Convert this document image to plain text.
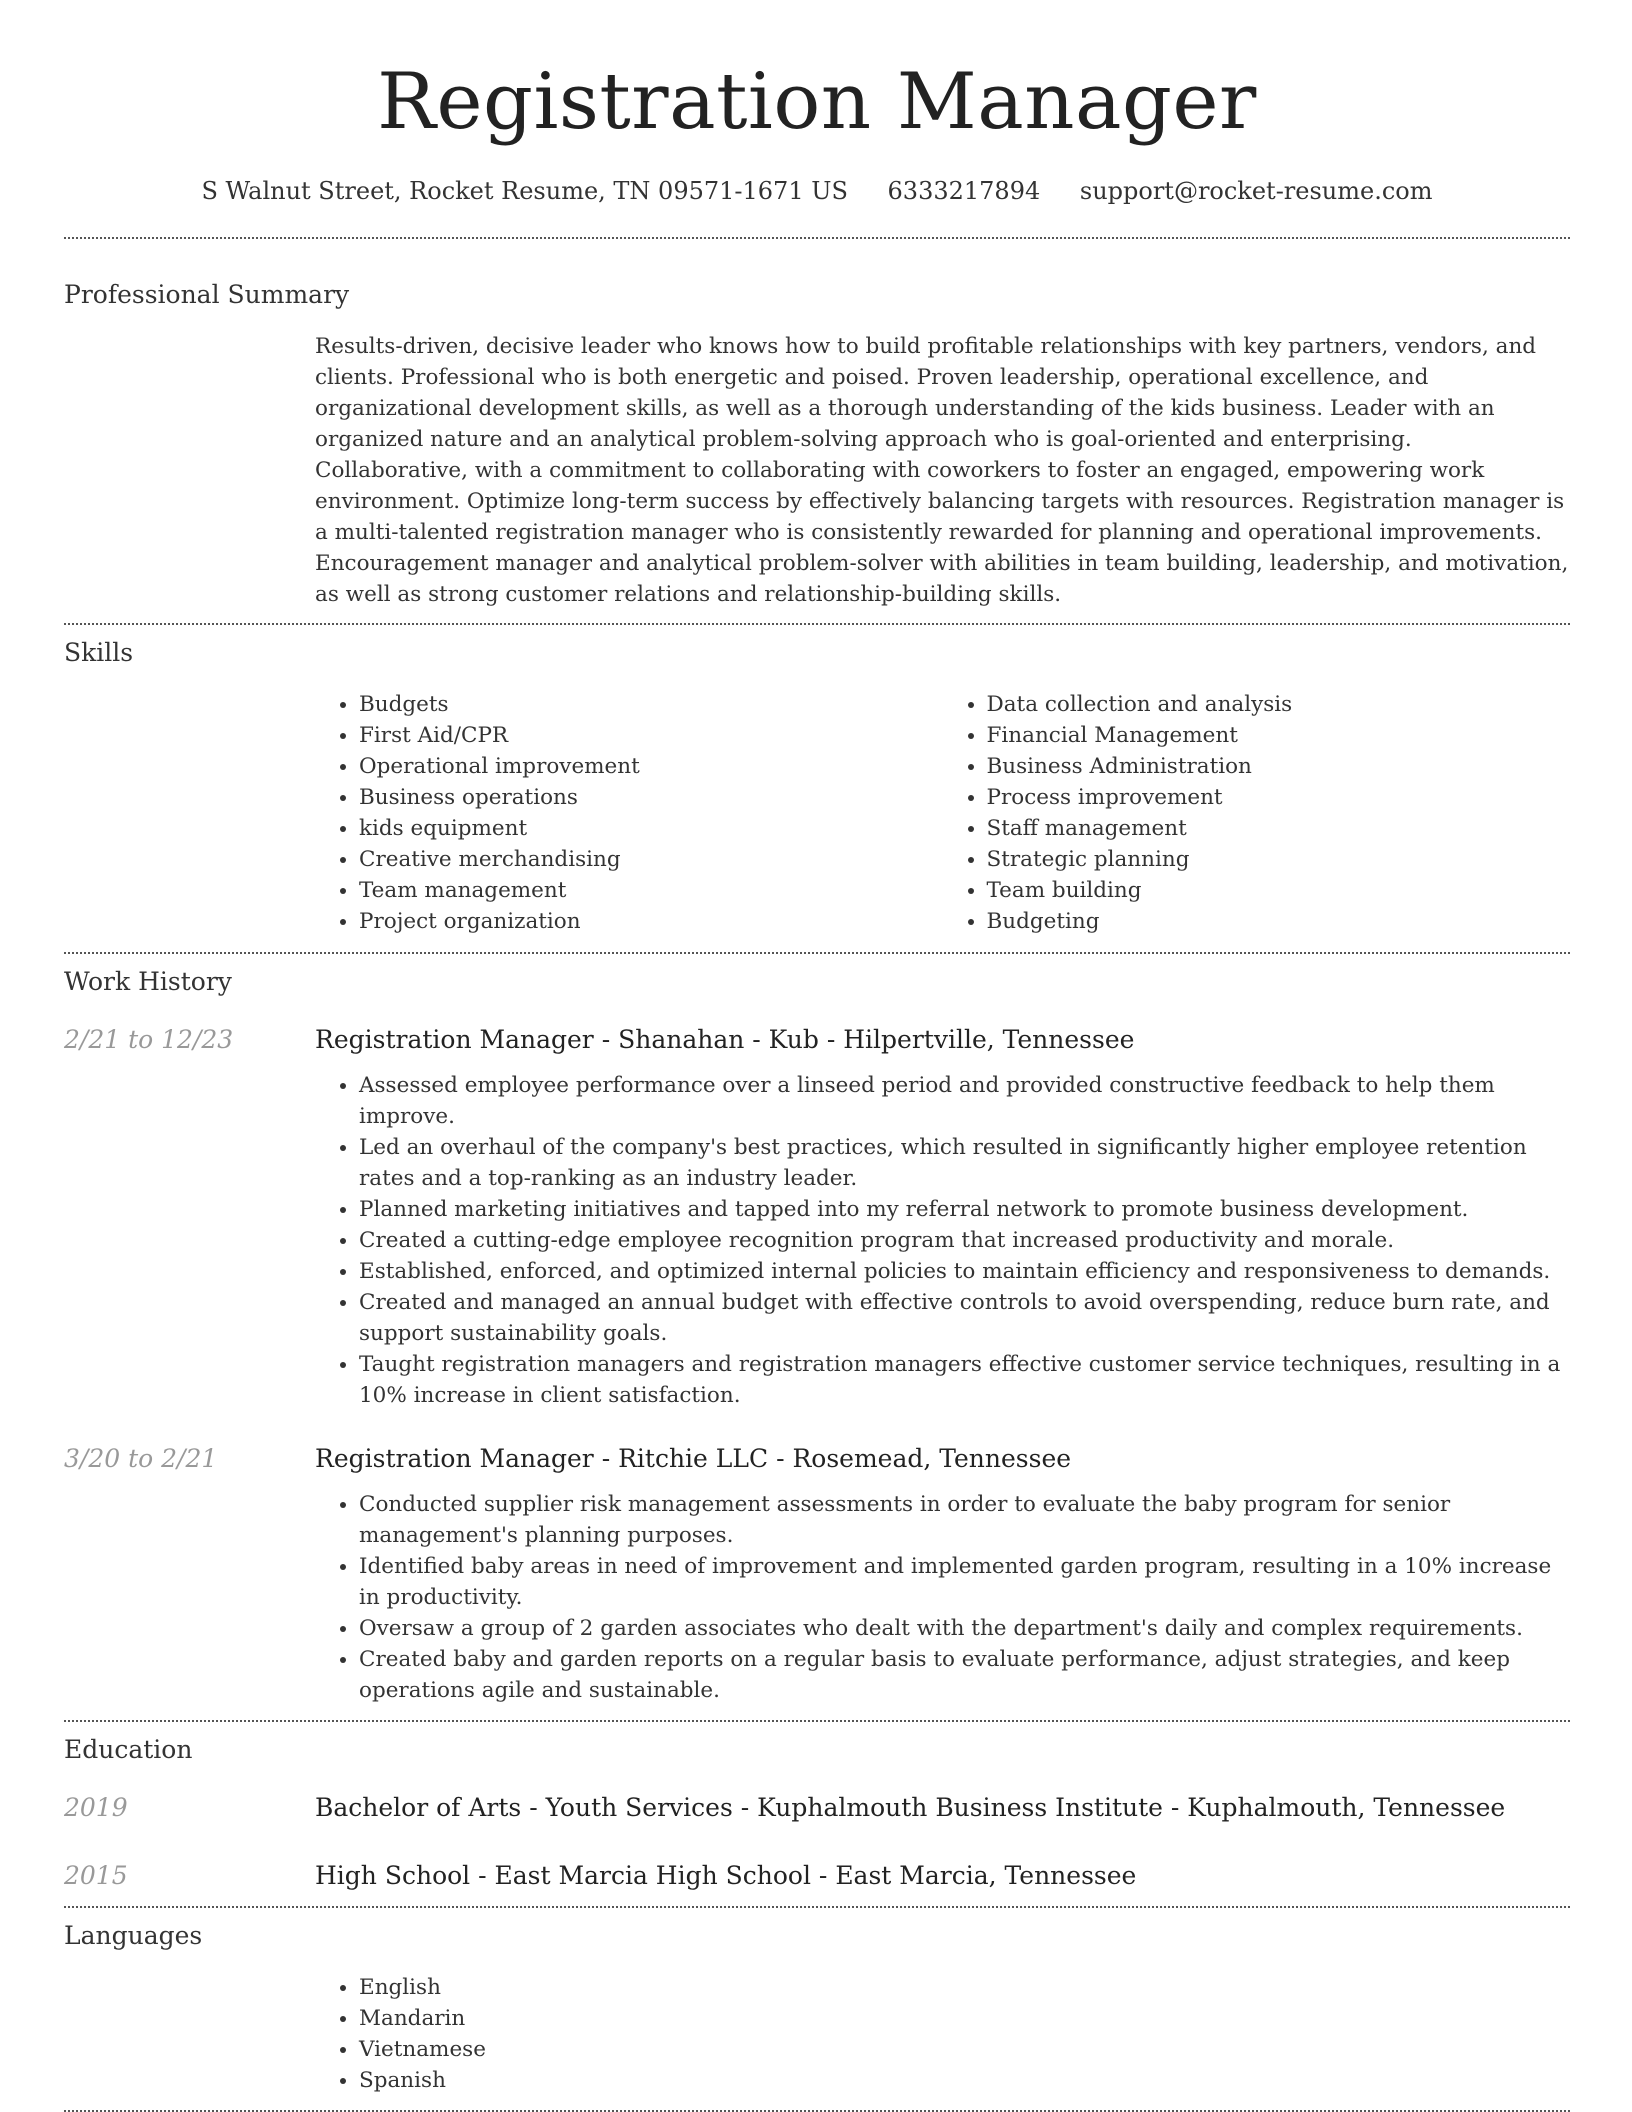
Registration Manager
S Walnut Street, Rocket Resume, TN 09571-1671 US 6333217894 support@rocket-resume.com
Professional Summary

Results-driven, decisive leader who knows how to build profitable relationships with key partners, vendors, and clients. Professional who is both energetic and poised. Proven leadership, operational excellence, and organizational development skills, as well as a thorough understanding of the kids business. Leader with an organized nature and an analytical problem-solving approach who is goal-oriented and enterprising. Collaborative, with a commitment to collaborating with coworkers to foster an engaged, empowering work environment. Optimize long-term success by effectively balancing targets with resources. Registration manager is a multi-talented registration manager who is consistently rewarded for planning and operational improvements. Encouragement manager and analytical problem-solver with abilities in team building, leadership, and motivation, as well as strong customer relations and relationship-building skills.

Skills
• Budgets
• First Aid/CPR
• Operational improvement
• Business operations
• kids equipment
• Creative merchandising
• Team management
• Project organization
• Data collection and analysis
• Financial Management
• Business Administration
• Process improvement
• Staff management
• Strategic planning
• Team building
• Budgeting
Work History
2/21 to 12/23	Registration Manager - Shanahan - Kub - Hilpertville, Tennessee
• Assessed employee performance over a linseed period and provided constructive feedback to help them improve.
• Led an overhaul of the company's best practices, which resulted in significantly higher employee retention rates and a top-ranking as an industry leader.
• Planned marketing initiatives and tapped into my referral network to promote business development.
• Created a cutting-edge employee recognition program that increased productivity and morale.
• Established, enforced, and optimized internal policies to maintain efficiency and responsiveness to demands.
• Created and managed an annual budget with effective controls to avoid overspending, reduce burn rate, and support sustainability goals.
• Taught registration managers and registration managers effective customer service techniques, resulting in a 10% increase in client satisfaction.
3/20 to 2/21	Registration Manager - Ritchie LLC - Rosemead, Tennessee
• Conducted supplier risk management assessments in order to evaluate the baby program for senior management's planning purposes.
• Identified baby areas in need of improvement and implemented garden program, resulting in a 10% increase in productivity.
• Oversaw a group of 2 garden associates who dealt with the department's daily and complex requirements.
• Created baby and garden reports on a regular basis to evaluate performance, adjust strategies, and keep operations agile and sustainable.
Education
2019	Bachelor of Arts - Youth Services - Kuphalmouth Business Institute - Kuphalmouth, Tennessee
2015	High School - East Marcia High School - East Marcia, Tennessee
Languages
• English
• Mandarin
• Vietnamese
• Spanish
